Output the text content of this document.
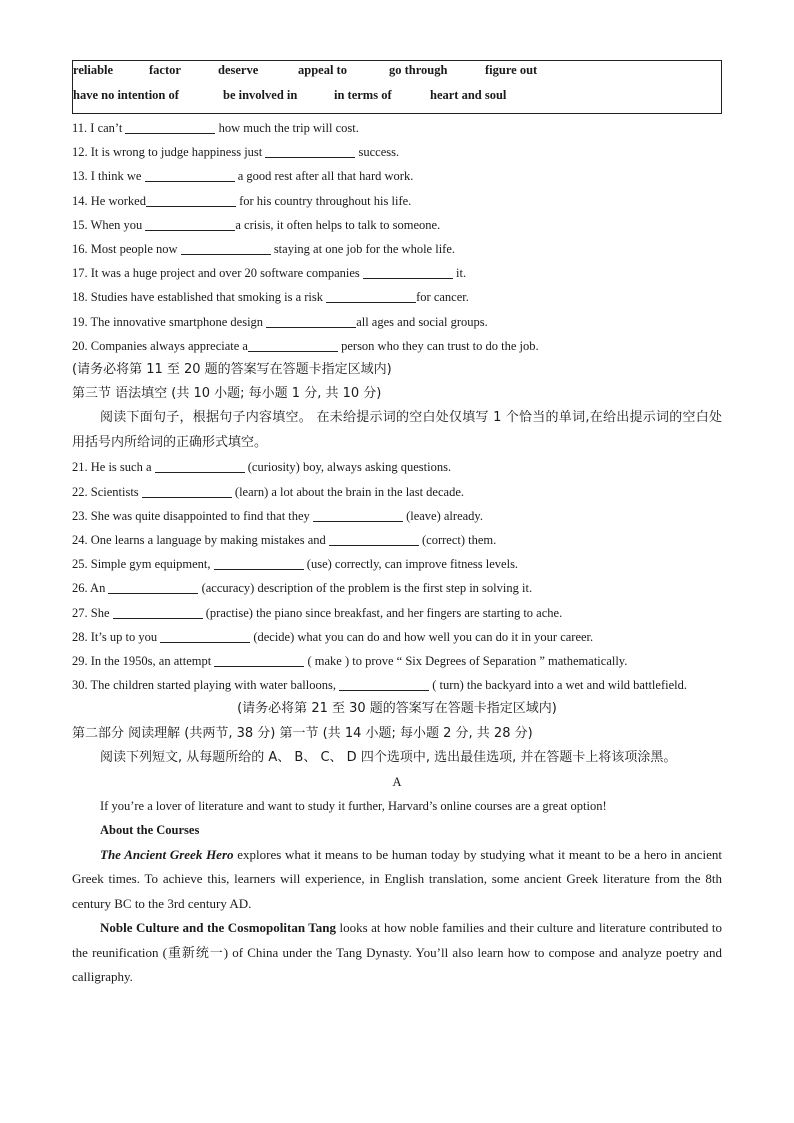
reliable	factor	deserve	appeal to	go through	figure out
have no intention of	be involved in	in terms of	heart and soul
11. I can’t	how much the trip will cost.
12. It is wrong to judge happiness just	success.
13. I think we	a good rest after all that hard work.
14. He worked	for his country throughout his life.
15. When you	a crisis, it often helps to talk to someone.
16. Most people now	staying at one job for the whole life.
17. It was a huge project and over 20 software companies	it.
18. Studies have established that smoking is a risk	for cancer.
19. The innovative smartphone design	all ages and social groups.
20. Companies always appreciate a	person who they can trust to do the job.
(请务必将第 11 至 20 题的答案写在答题卡指定区域内)
第三节 语法填空 (共 10 小题; 每小题 1 分, 共 10 分)
阅读下面句子，根据句子内容填空。 在未给提示词的空白处仅填写 1 个恰当的单词,在给出提示词的空白处用括号内所给词的正确形式填空。
21. He is such a	(curiosity) boy, always asking questions.
22. Scientists	(learn) a lot about the brain in the last decade.
23. She was quite disappointed to find that they	(leave) already.
24. One learns a language by making mistakes and	(correct) them.
25. Simple gym equipment,	(use) correctly, can improve fitness levels.
26. An	(accuracy) description of the problem is the first step in solving it.
27. She	(practise) the piano since breakfast, and her fingers are starting to ache.
28. It’s up to you	(decide) what you can do and how well you can do it in your career.
29. In the 1950s, an attempt	( make ) to prove “ Six Degrees of Separation ” mathematically.
30. The children started playing with water balloons,	( turn) the backyard into a wet and wild battlefield.
(请务必将第 21 至 30 题的答案写在答题卡指定区域内)
第二部分 阅读理解 (共两节, 38 分) 第一节 (共 14 小题; 每小题 2 分, 共 28 分)
阅读下列短文, 从每题所给的 A、 B、 C、 D 四个选项中, 选出最佳选项, 并在答题卡上将该项涂黑。
A
If you’re a lover of literature and want to study it further, Harvard’s online courses are a great option!
About the Courses
The Ancient Greek Hero explores what it means to be human today by studying what it meant to be a hero in ancient Greek times. To achieve this, learners will experience, in English translation, some ancient Greek literature from the 8th century BC to the 3rd century AD.
Noble Culture and the Cosmopolitan Tang looks at how noble families and their culture and literature contributed to the reunification (重新统一) of China under the Tang Dynasty. You’ll also learn how to compose and analyze poetry and calligraphy.
